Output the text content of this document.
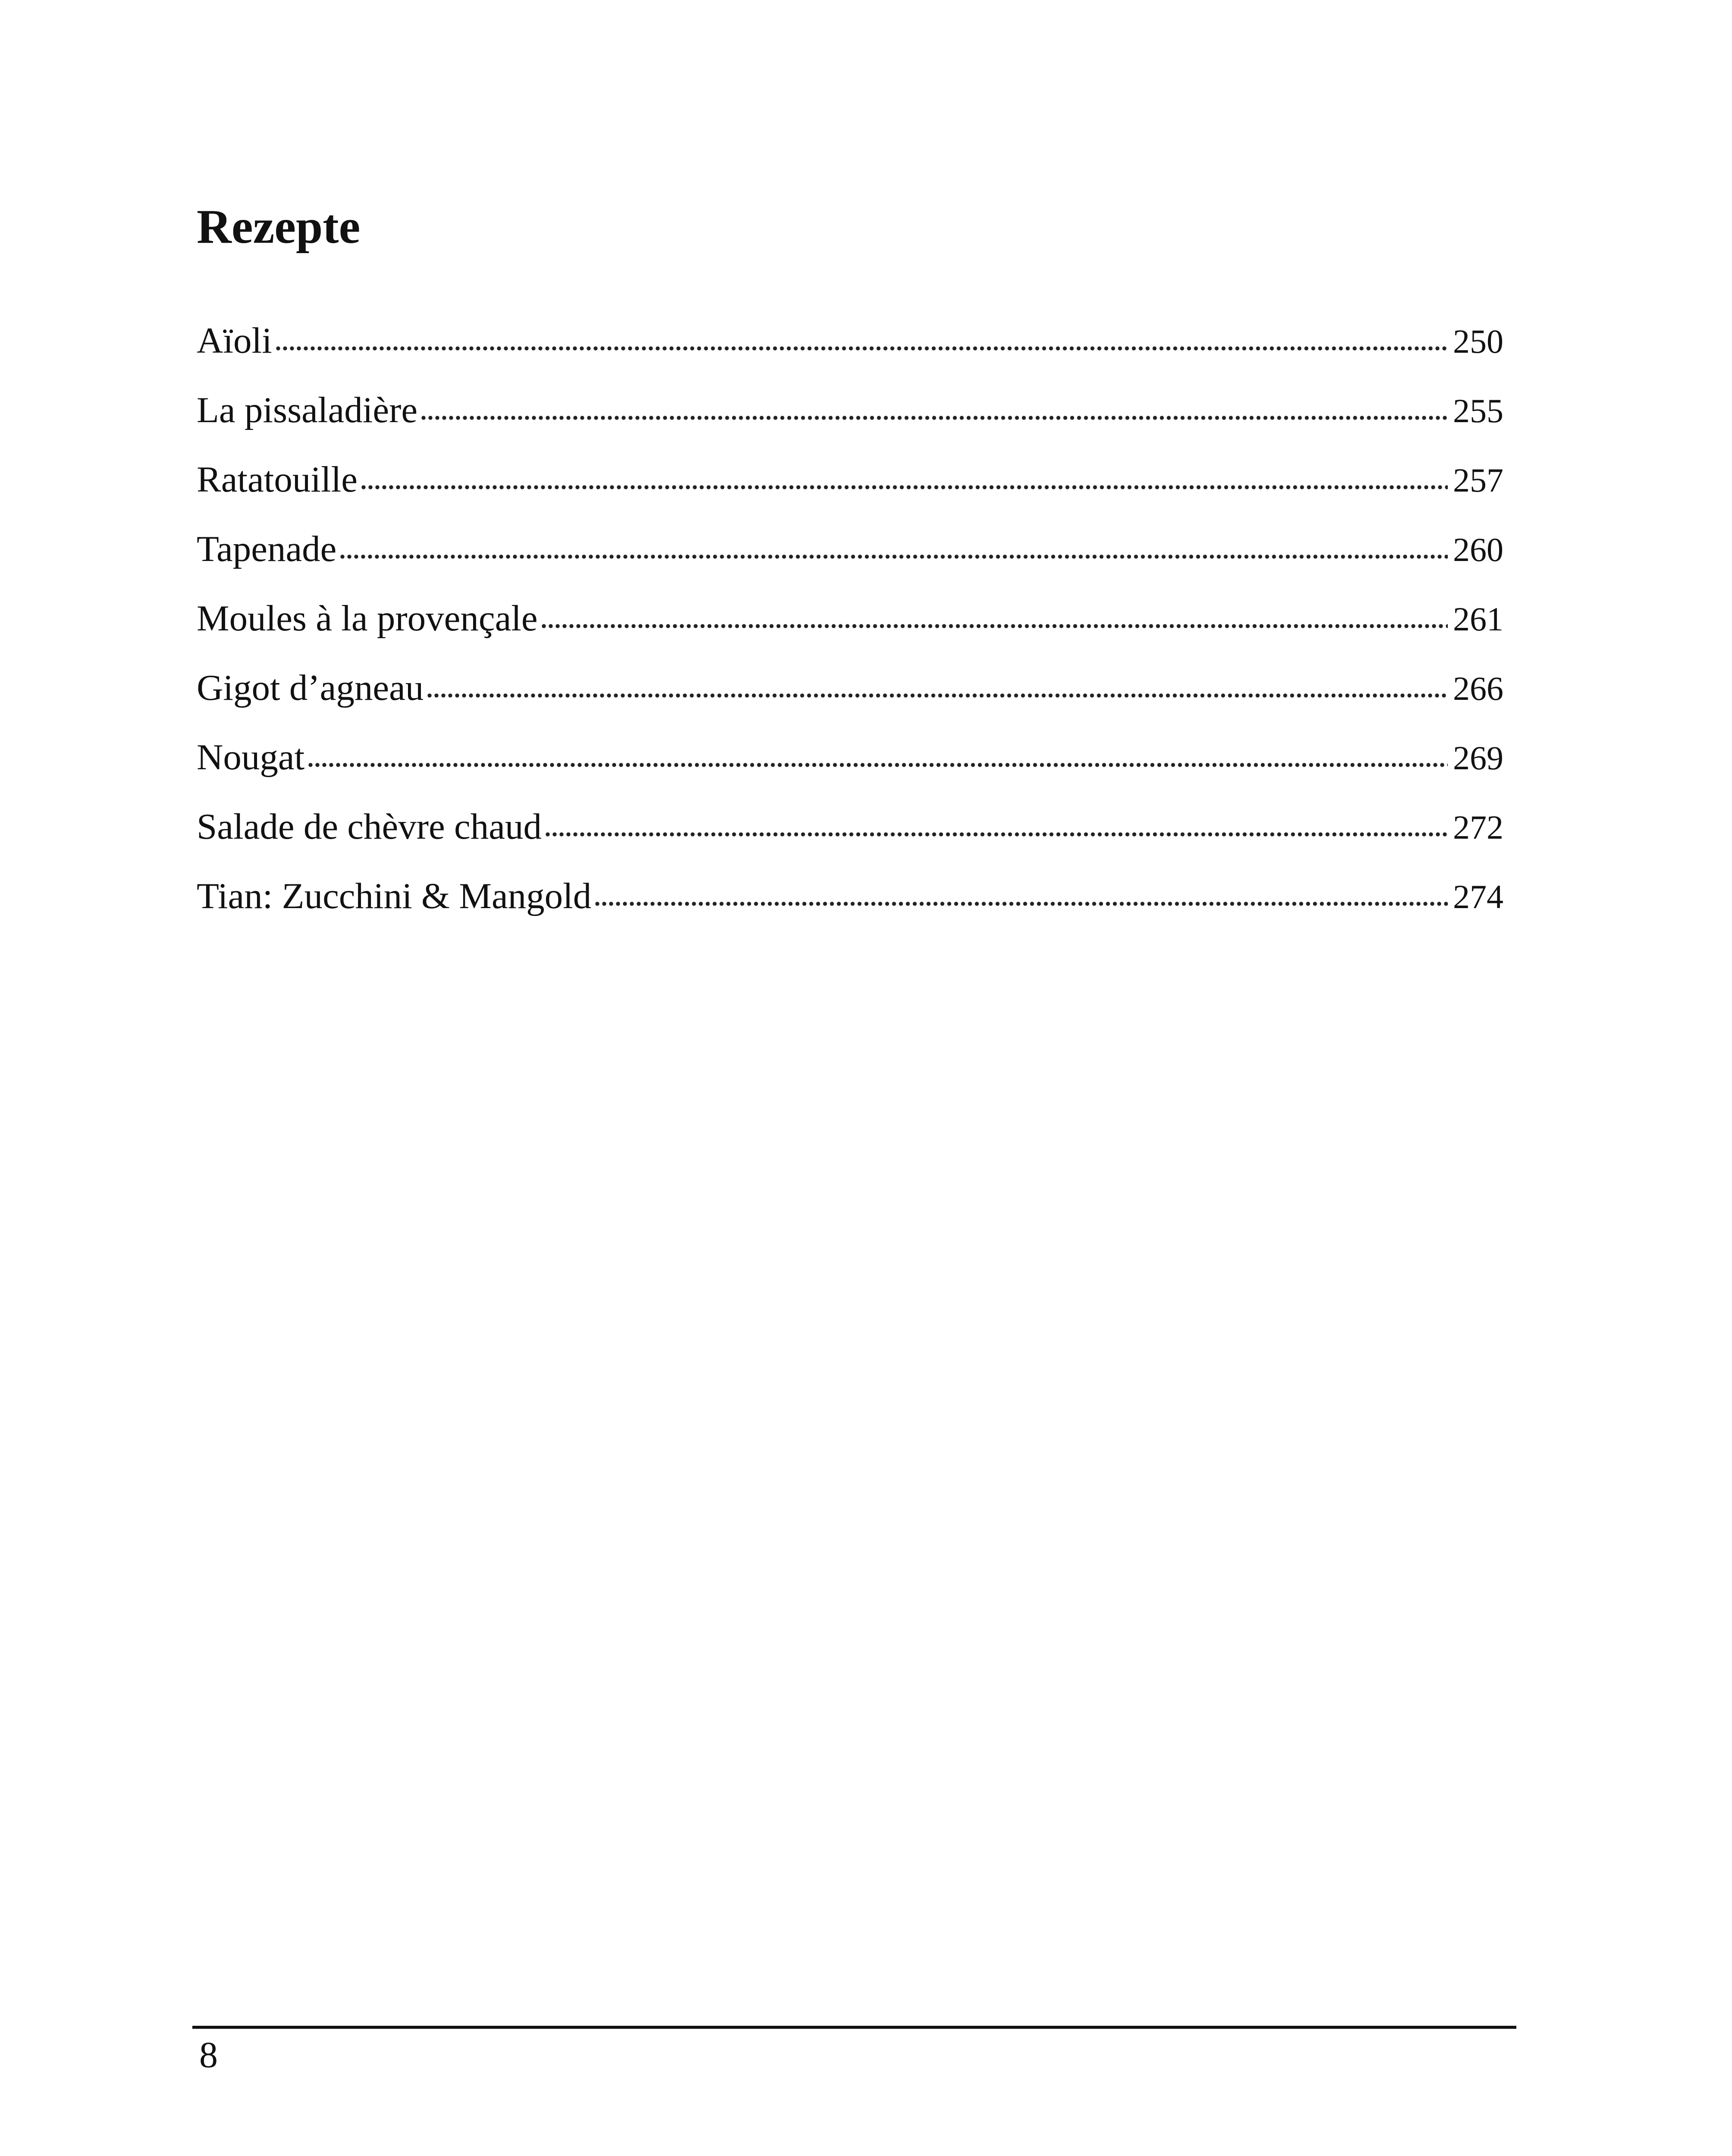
Rezepte
Aïoli	250
La pissaladière	255
Ratatouille	257
Tapenade	260
Moules à la provençale	261
Gigot d’agneau	266
Nougat	269
Salade de chèvre chaud	272
Tian: Zucchini & Mangold	274

8
